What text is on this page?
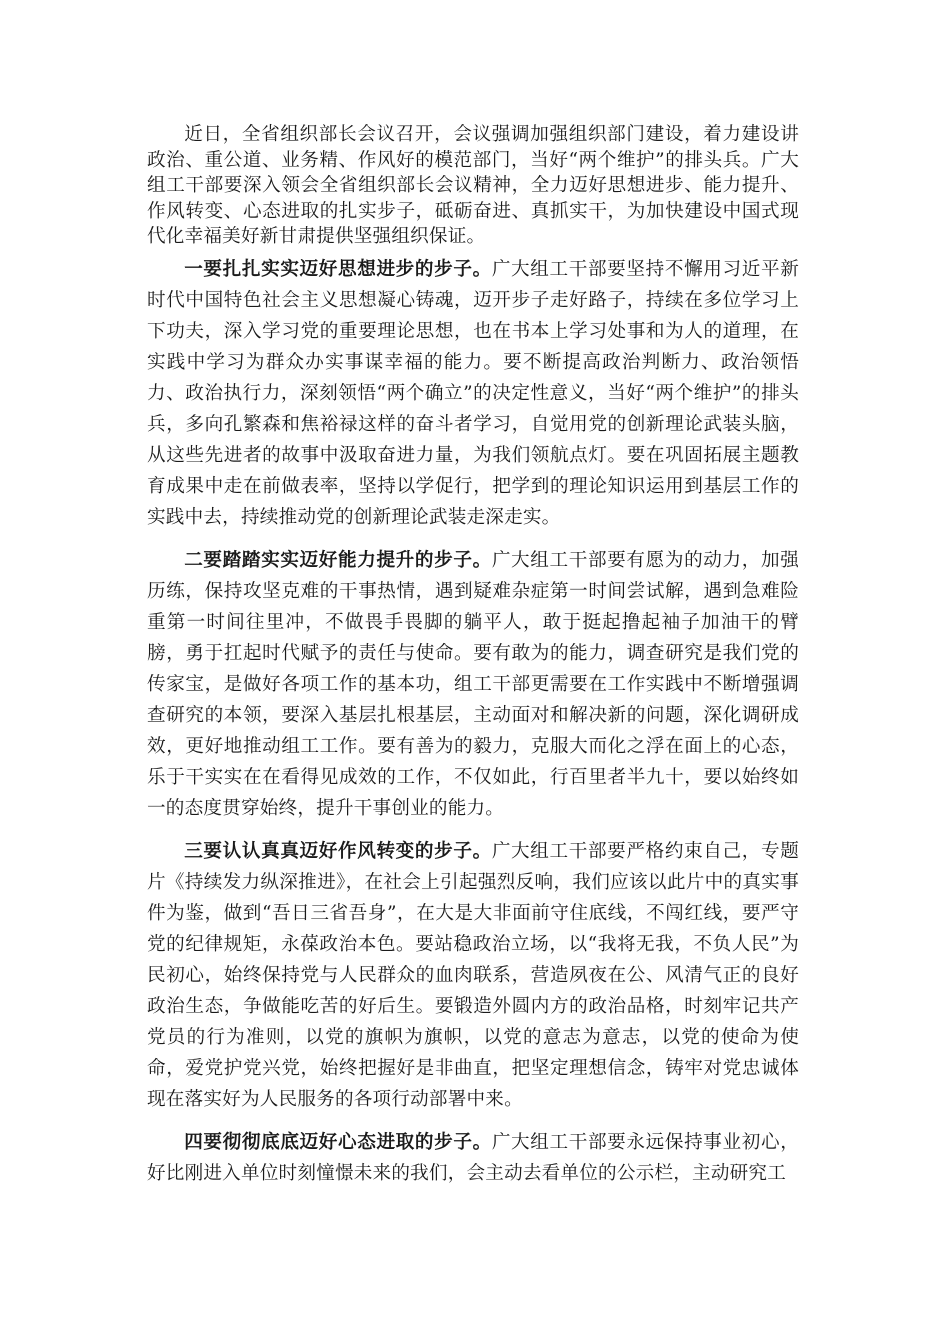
近日，全省组织部长会议召开，会议强调加强组织部门建设，着力建设讲政治、重公道、业务精、作风好的模范部门，当好“两个维护”的排头兵。广大组工干部要深入领会全省组织部长会议精神，全力迈好思想进步、能力提升、作风转变、心态进取的扎实步子，砥砺奋进、真抓实干，为加快建设中国式现代化幸福美好新甘肃提供坚强组织保证。

一要扎扎实实迈好思想进步的步子。广大组工干部要坚持不懈用习近平新时代中国特色社会主义思想凝心铸魂，迈开步子走好路子，持续在多位学习上下功夫，深入学习党的重要理论思想，也在书本上学习处事和为人的道理，在实践中学习为群众办实事谋幸福的能力。要不断提高政治判断力、政治领悟力、政治执行力，深刻领悟“两个确立”的决定性意义，当好“两个维护”的排头兵，多向孔繁森和焦裕禄这样的奋斗者学习，自觉用党的创新理论武装头脑，从这些先进者的故事中汲取奋进力量，为我们领航点灯。要在巩固拓展主题教育成果中走在前做表率，坚持以学促行，把学到的理论知识运用到基层工作的实践中去，持续推动党的创新理论武装走深走实。

二要踏踏实实迈好能力提升的步子。广大组工干部要有愿为的动力，加强历练，保持攻坚克难的干事热情，遇到疑难杂症第一时间尝试解，遇到急难险重第一时间往里冲，不做畏手畏脚的躺平人，敢于挺起撸起袖子加油干的臂膀，勇于扛起时代赋予的责任与使命。要有敢为的能力，调查研究是我们党的传家宝，是做好各项工作的基本功，组工干部更需要在工作实践中不断增强调查研究的本领，要深入基层扎根基层，主动面对和解决新的问题，深化调研成效，更好地推动组工工作。要有善为的毅力，克服大而化之浮在面上的心态，乐于干实实在在看得见成效的工作，不仅如此，行百里者半九十，要以始终如一的态度贯穿始终，提升干事创业的能力。

三要认认真真迈好作风转变的步子。广大组工干部要严格约束自己，专题片《持续发力纵深推进》，在社会上引起强烈反响，我们应该以此片中的真实事件为鉴，做到“吾日三省吾身”，在大是大非面前守住底线，不闯红线，要严守党的纪律规矩，永葆政治本色。要站稳政治立场，以“我将无我，不负人民”为民初心，始终保持党与人民群众的血肉联系，营造夙夜在公、风清气正的良好政治生态，争做能吃苦的好后生。要锻造外圆内方的政治品格，时刻牢记共产党员的行为准则，以党的旗帜为旗帜，以党的意志为意志，以党的使命为使命，爱党护党兴党，始终把握好是非曲直，把坚定理想信念，铸牢对党忠诚体现在落实好为人民服务的各项行动部署中来。

四要彻彻底底迈好心态进取的步子。广大组工干部要永远保持事业初心，好比刚进入单位时刻憧憬未来的我们，会主动去看单位的公示栏，主动研究工
